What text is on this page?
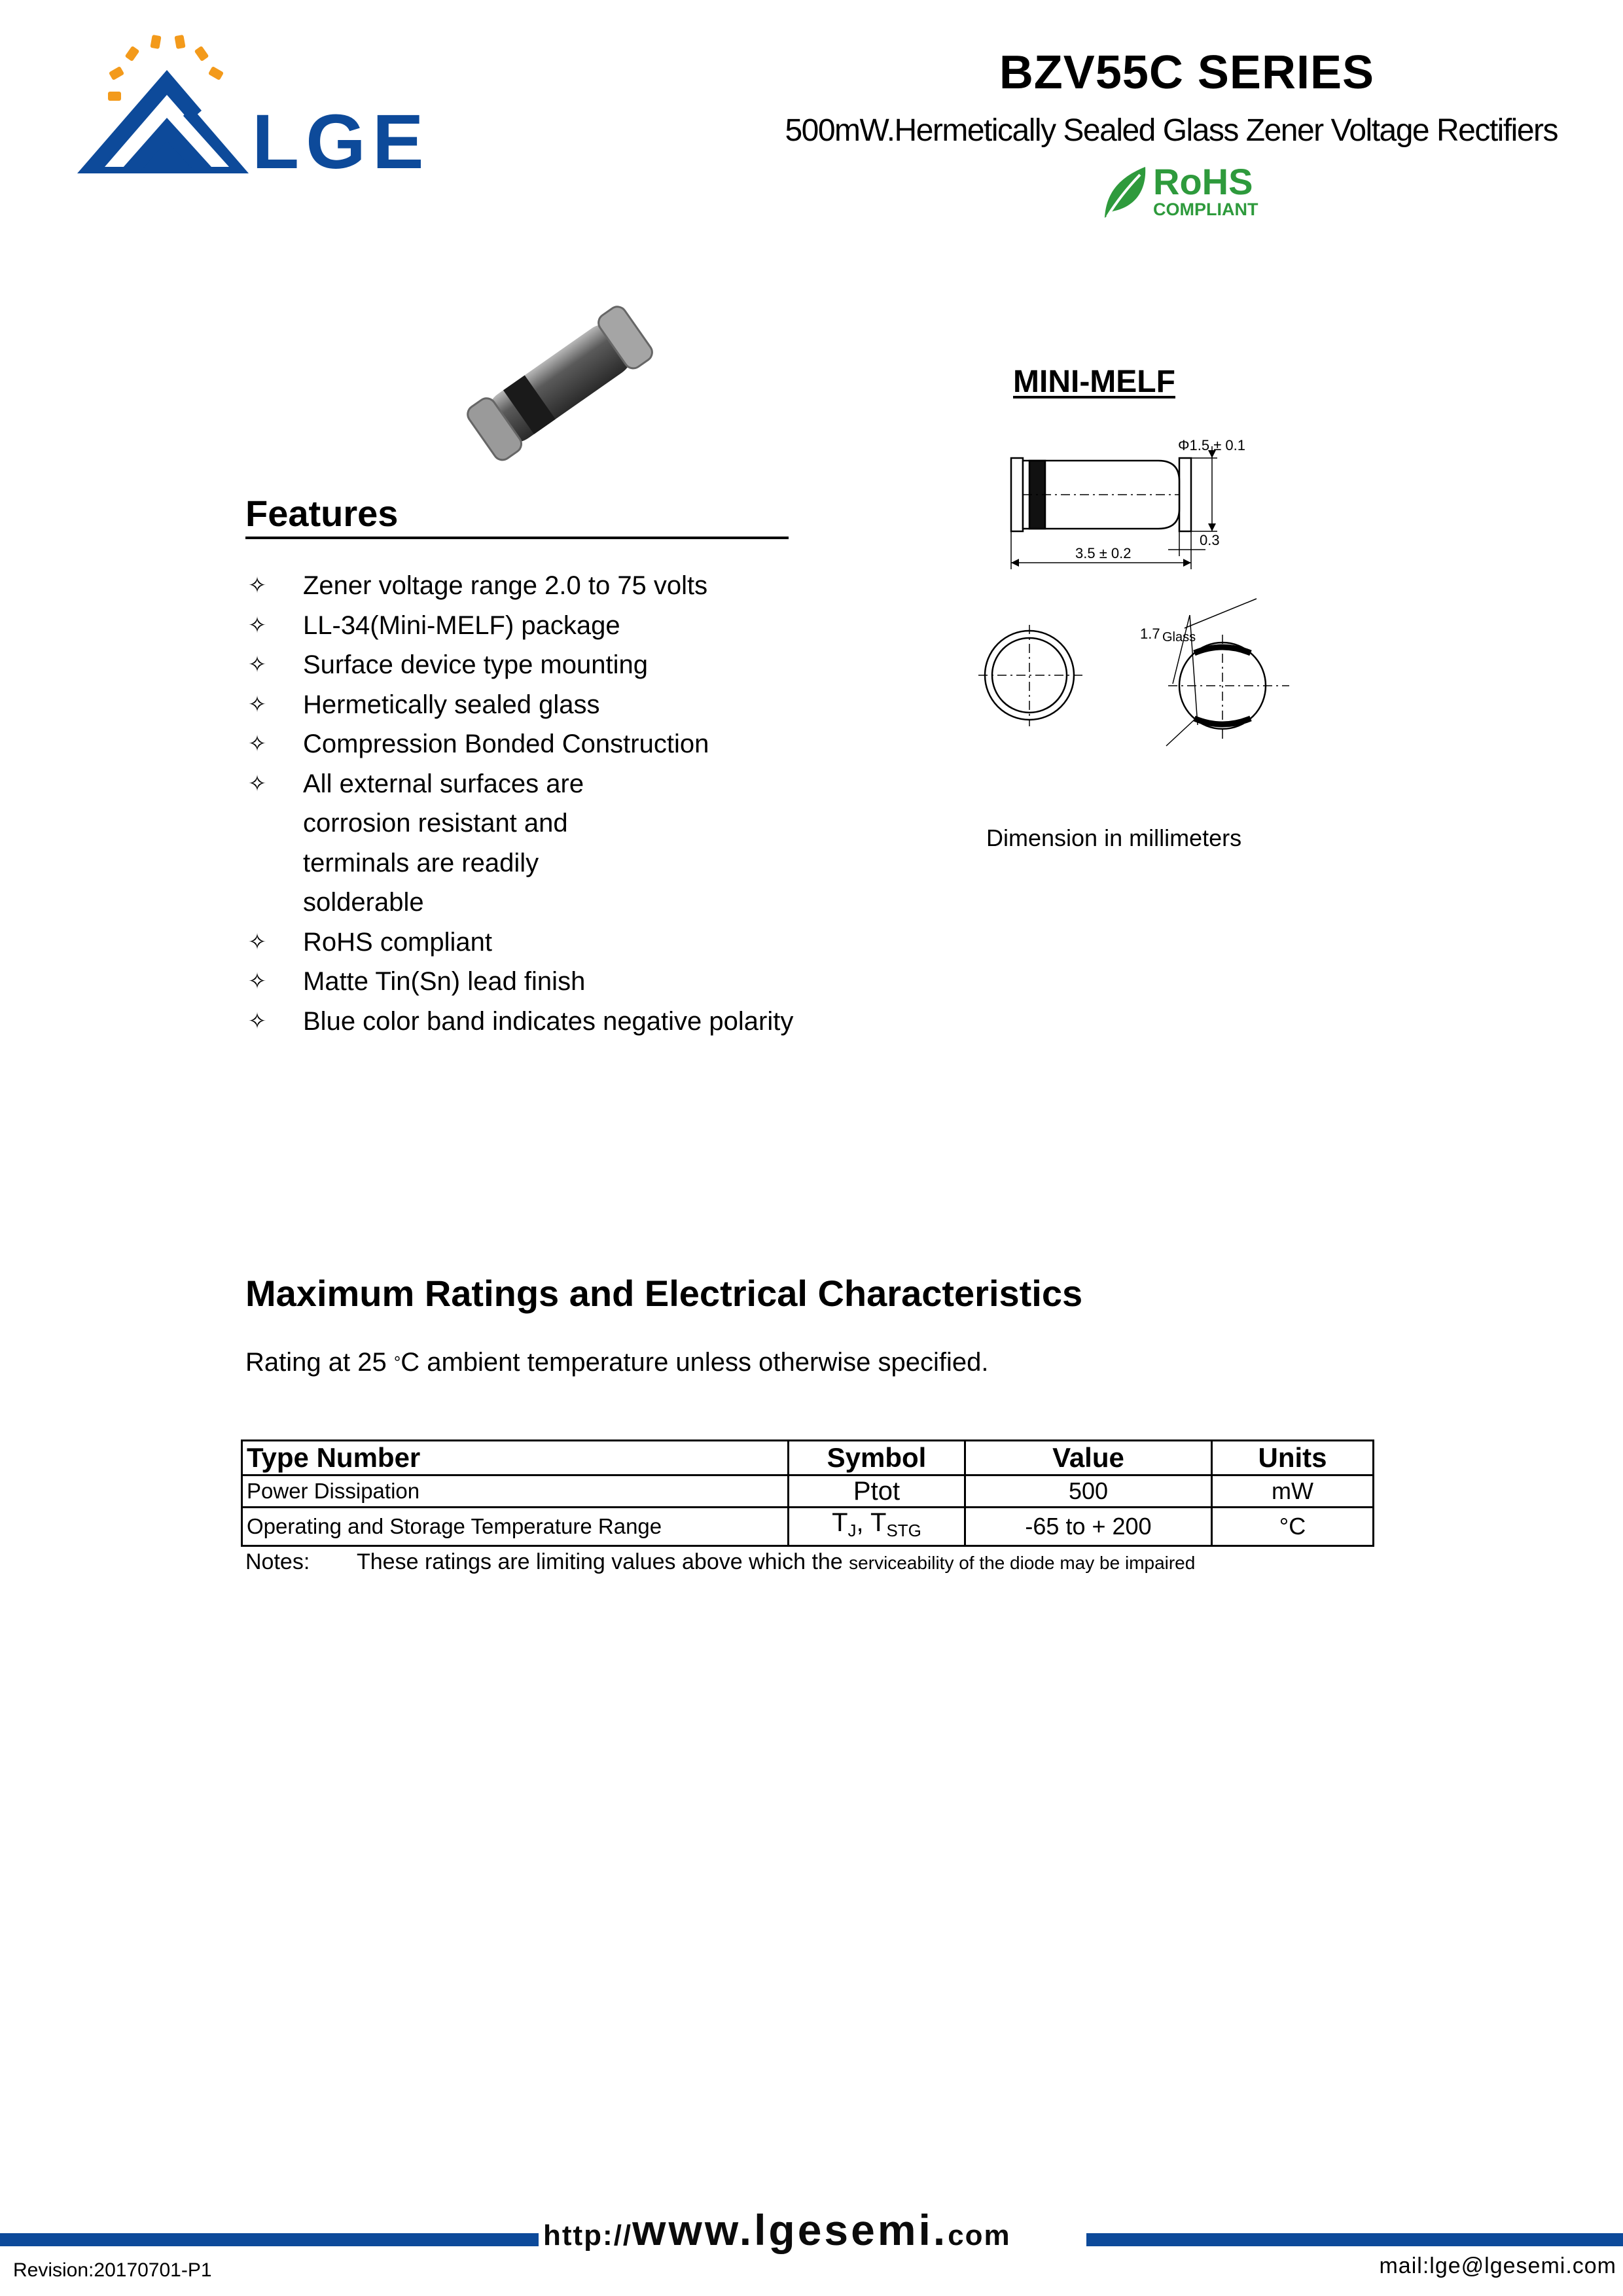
LGE
BZV55C SERIES
500mW.Hermetically Sealed Glass Zener Voltage Rectifiers
RoHS
COMPLIANT
Features
✧ Zener voltage range 2.0 to 75 volts
✧ LL-34(Mini-MELF) package
✧ Surface device type mounting
✧ Hermetically sealed glass
✧ Compression Bonded Construction
✧ All external surfaces are corrosion resistant and terminals are readily solderable
✧ RoHS compliant
✧ Matte Tin(Sn) lead finish
✧ Blue color band indicates negative polarity
MINI-MELF
Φ1.5 ± 0.1
3.5 ± 0.2
0.3
1.7 Glass
Dimension in millimeters
Maximum Ratings and Electrical Characteristics
Rating at 25 °C ambient temperature unless otherwise specified.
Type Number	Symbol	Value	Units
Power Dissipation	Ptot	500	mW
Operating and Storage Temperature Range	$T_J$, $T_{STG}$	-65 to + 200	°C
Notes: These ratings are limiting values above which the serviceability of the diode may be impaired
http://www.lgesemi.com
Revision:20170701-P1	mail:lge@lgesemi.com
